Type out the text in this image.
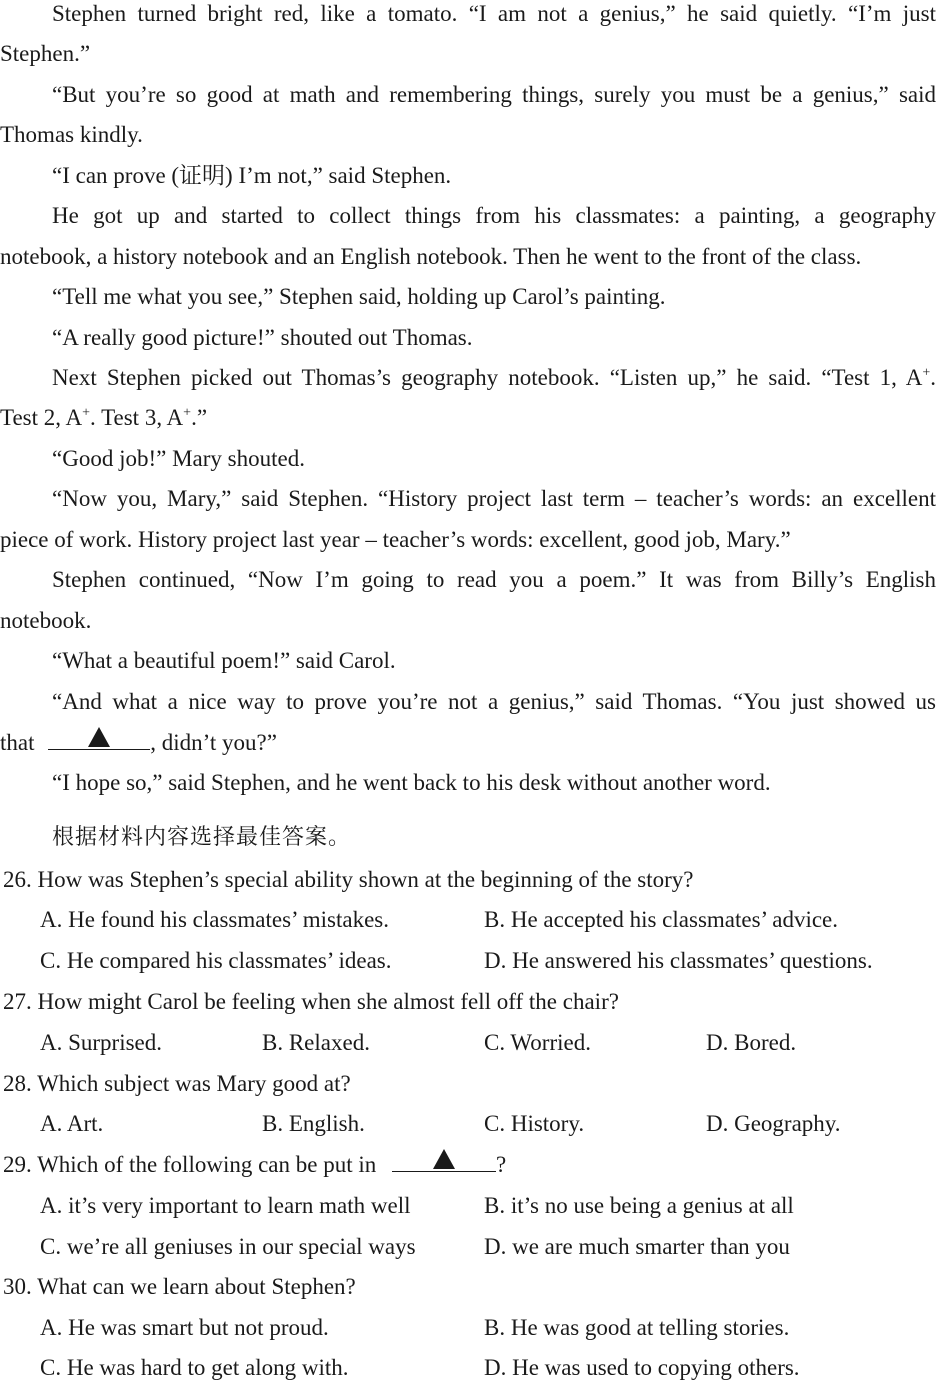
Stephen turned bright red, like a tomato. “I am not a genius,” he said quietly. “I’m just
Stephen.”
“But you’re so good at math and remembering things, surely you must be a genius,” said
Thomas kindly.
“I can prove (证明) I’m not,” said Stephen.
He got up and started to collect things from his classmates: a painting, a geography
notebook, a history notebook and an English notebook. Then he went to the front of the class.
“Tell me what you see,” Stephen said, holding up Carol’s painting.
“A really good picture!” shouted out Thomas.
Next Stephen picked out Thomas’s geography notebook. “Listen up,” he said. “Test 1, A+.
Test 2, A+. Test 3, A+.”
“Good job!” Mary shouted.
“Now you, Mary,” said Stephen. “History project last term – teacher’s words: an excellent
piece of work. History project last year – teacher’s words: excellent, good job, Mary.”
Stephen continued, “Now I’m going to read you a poem.” It was from Billy’s English
notebook.
“What a beautiful poem!” said Carol.
“And what a nice way to prove you’re not a genius,” said Thomas. “You just showed us
that	, didn’t you?”
“I hope so,” said Stephen, and he went back to his desk without another word.
根据材料内容选择最佳答案。
26. How was Stephen’s special ability shown at the beginning of the story?
A. He found his classmates’ mistakes.	B. He accepted his classmates’ advice.
C. He compared his classmates’ ideas.	D. He answered his classmates’ questions.
27. How might Carol be feeling when she almost fell off the chair?
A. Surprised.	B. Relaxed.	C. Worried.	D. Bored.
28. Which subject was Mary good at?
A. Art.	B. English.	C. History.	D. Geography.
29. Which of the following can be put in	?
A. it’s very important to learn math well	B. it’s no use being a genius at all
C. we’re all geniuses in our special ways	D. we are much smarter than you
30. What can we learn about Stephen?
A. He was smart but not proud.	B. He was good at telling stories.
C. He was hard to get along with.	D. He was used to copying others.
